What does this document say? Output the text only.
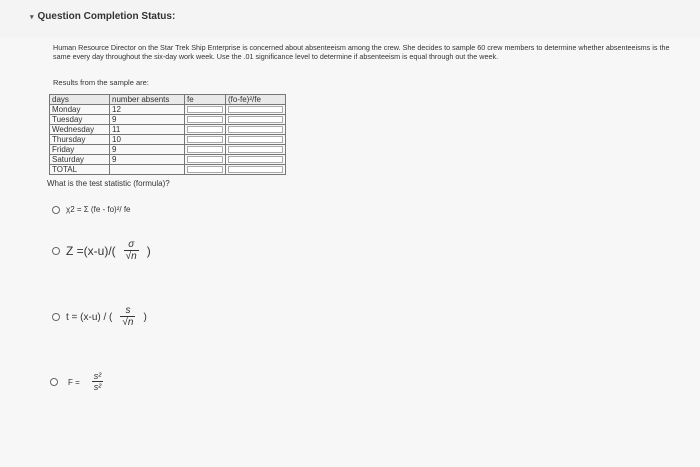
▾ Question Completion Status:
Human Resource Director on the Star Trek Ship Enterprise is concerned about absenteeism among the crew. She decides to sample 60 crew members to determine whether absenteeisms is the same every day throughout the six-day work week. Use the .01 significance level to determine if absenteeism is equal through out the week.
Results from the sample are:
days	number absents	fe	(fo-fe)²/fe
Monday	12	

Tuesday	9	

Wednesday	11	

Thursday	10	

Friday	9	

Saturday	9	

TOTAL		

What is the test statistic (formula)?
χ2 = Σ (fe - fo)²/ fe
$Z =(x-u)/( \frac{\sigma}{√n}$ )
t = (x-u) / ( $\frac{s}{√n}$ )
$F = \frac{\text{s²}}{\text{s²}}$
